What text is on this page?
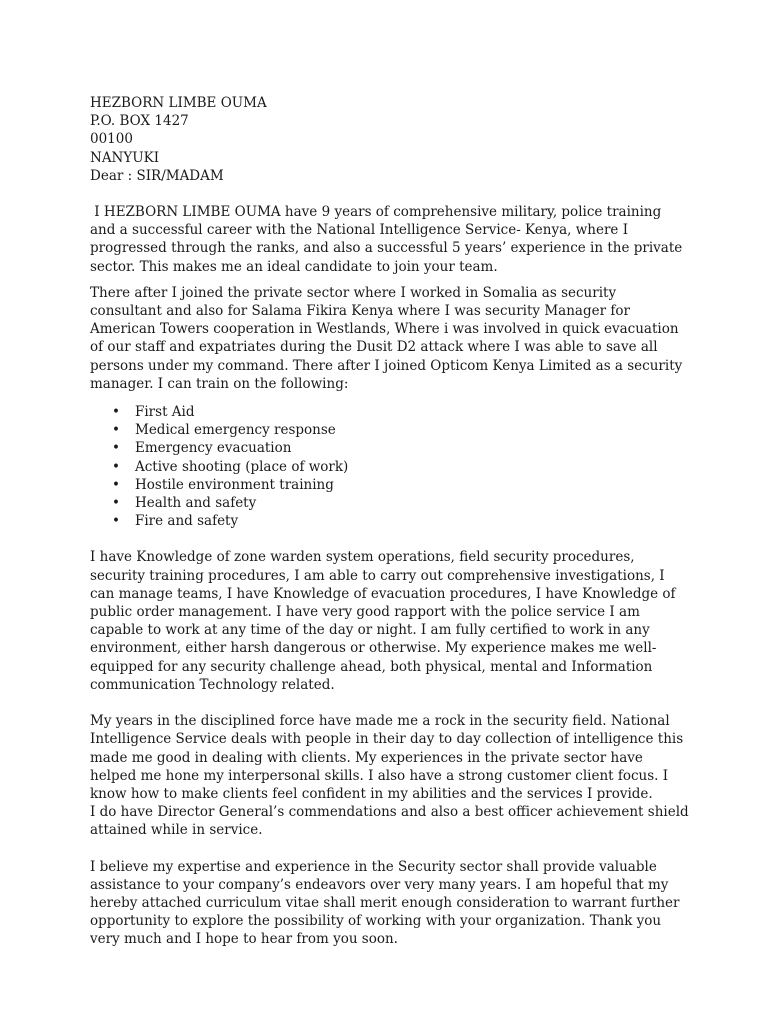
HEZBORN LIMBE OUMA

P.O. BOX 1427

00100

NANYUKI

Dear : SIR/MADAM

I HEZBORN LIMBE OUMA have 9 years of comprehensive military, police training and a successful career with the National Intelligence Service- Kenya, where I progressed through the ranks, and also a successful 5 years’ experience in the private sector. This makes me an ideal candidate to join your team.

There after I joined the private sector where I worked in Somalia as security consultant and also for Salama Fikira Kenya where I was security Manager for American Towers cooperation in Westlands, Where i was involved in quick evacuation of our staff and expatriates during the Dusit D2 attack where I was able to save all persons under my command. There after I joined Opticom Kenya Limited as a security manager. I can train on the following:

• First Aid
• Medical emergency response
• Emergency evacuation
• Active shooting (place of work)
• Hostile environment training
• Health and safety
• Fire and safety

I have Knowledge of zone warden system operations, field security procedures, security training procedures, I am able to carry out comprehensive investigations, I can manage teams, I have Knowledge of evacuation procedures, I have Knowledge of public order management. I have very good rapport with the police service I am capable to work at any time of the day or night. I am fully certified to work in any environment, either harsh dangerous or otherwise. My experience makes me well-equipped for any security challenge ahead, both physical, mental and Information communication Technology related.

My years in the disciplined force have made me a rock in the security field. National Intelligence Service deals with people in their day to day collection of intelligence this made me good in dealing with clients. My experiences in the private sector have helped me hone my interpersonal skills. I also have a strong customer client focus. I know how to make clients feel confident in my abilities and the services I provide.

I do have Director General’s commendations and also a best officer achievement shield attained while in service.

I believe my expertise and experience in the Security sector shall provide valuable assistance to your company’s endeavors over very many years. I am hopeful that my hereby attached curriculum vitae shall merit enough consideration to warrant further opportunity to explore the possibility of working with your organization. Thank you very much and I hope to hear from you soon.
